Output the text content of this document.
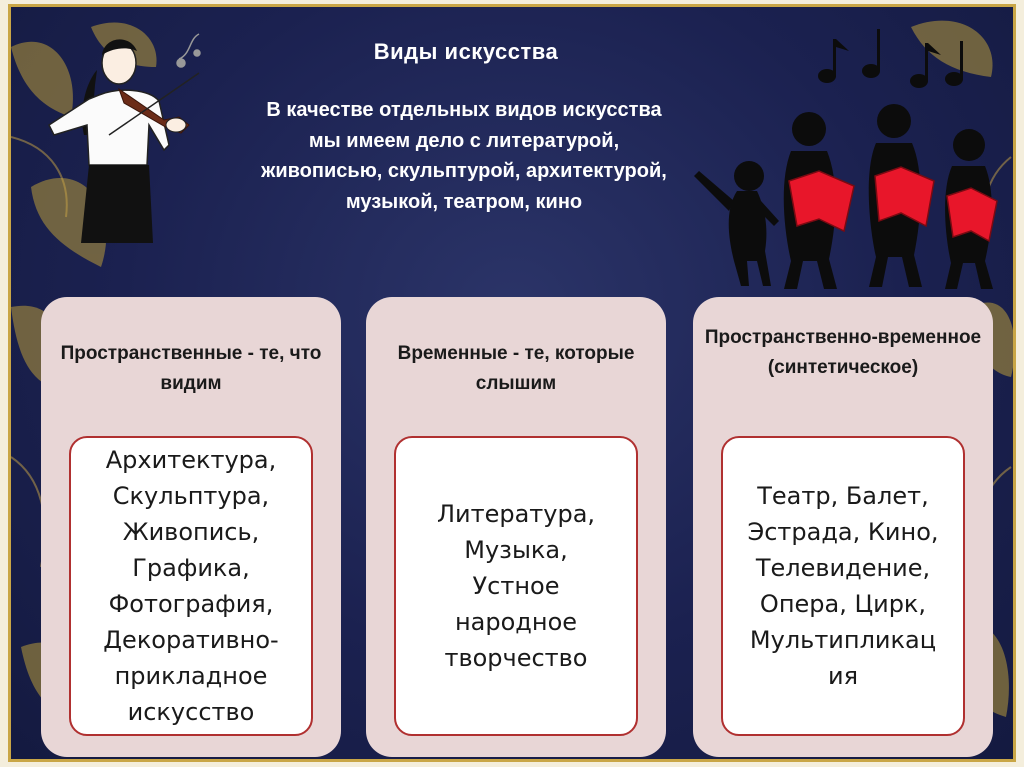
Виды искусства
В качестве отдельных видов искусства мы имеем дело с литературой, живописью, скульптурой, архитектурой, музыкой, театром, кино
Пространственные - те, что видим
Архитектура,
Скульптура,
Живопись,
Графика,
Фотография,
Декоративно-
прикладное
искусство
Временные - те, которые слышим
Литература,
Музыка,
Устное
народное
творчество
Пространственно-временное (синтетическое)
Театр, Балет,
Эстрада, Кино,
Телевидение,
Опера, Цирк,
Мультипликац
ия
